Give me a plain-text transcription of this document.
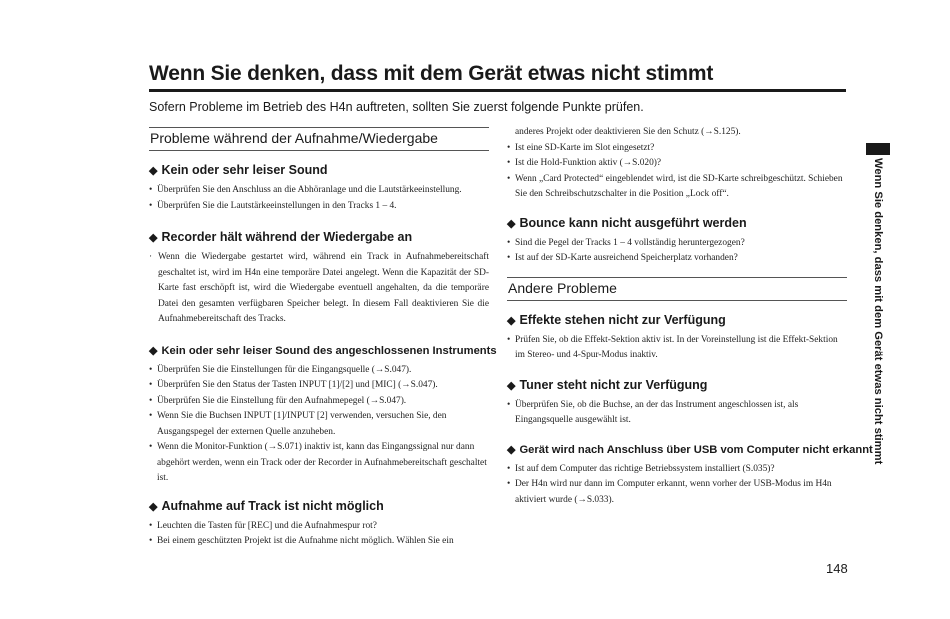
Wenn Sie denken, dass mit dem Gerät etwas nicht stimmt
Sofern Probleme im Betrieb des H4n auftreten, sollten Sie zuerst folgende Punkte prüfen.
Probleme während der Aufnahme/Wiedergabe
◆ Kein oder sehr leiser Sound
• Überprüfen Sie den Anschluss an die Abhöranlage und die Lautstärkeeinstellung.
• Überprüfen Sie die Lautstärkeeinstellungen in den Tracks 1 – 4.
◆ Recorder hält während der Wiedergabe an

· Wenn die Wiedergabe gestartet wird, während ein Track in Aufnahmebereitschaft geschaltet ist, wird im H4n eine temporäre Datei angelegt. Wenn die Kapazität der SD-Karte fast erschöpft ist, wird die Wiedergabe eventuell angehalten, da die temporäre Datei den gesamten verfügbaren Speicher belegt. In diesem Fall deaktivieren Sie die Aufnahmebereitschaft des Tracks.

◆ Kein oder sehr leiser Sound des angeschlossenen Instruments
• Überprüfen Sie die Einstellungen für die Eingangsquelle (→S.047).
• Überprüfen Sie den Status der Tasten INPUT [1]/[2] und [MIC] (→S.047).
• Überprüfen Sie die Einstellung für den Aufnahmepegel (→S.047).
• Wenn Sie die Buchsen INPUT [1]/INPUT [2] verwenden, versuchen Sie, den Ausgangspegel der externen Quelle anzuheben.
• Wenn die Monitor-Funktion (→S.071) inaktiv ist, kann das Eingangssignal nur dann abgehört werden, wenn ein Track oder der Recorder in Aufnahmebereitschaft geschaltet ist.
◆ Aufnahme auf Track ist nicht möglich
• Leuchten die Tasten für [REC] und die Aufnahmespur rot?
• Bei einem geschützten Projekt ist die Aufnahme nicht möglich. Wählen Sie ein

anderes Projekt oder deaktivieren Sie den Schutz (→S.125).

• Ist eine SD-Karte im Slot eingesetzt?
• Ist die Hold-Funktion aktiv (→S.020)?
• Wenn „Card Protected“ eingeblendet wird, ist die SD-Karte schreibgeschützt. Schieben Sie den Schreibschutzschalter in die Position „Lock off“.
◆ Bounce kann nicht ausgeführt werden
• Sind die Pegel der Tracks 1 – 4 vollständig heruntergezogen?
• Ist auf der SD-Karte ausreichend Speicherplatz vorhanden?
Andere Probleme
◆ Effekte stehen nicht zur Verfügung
• Prüfen Sie, ob die Effekt-Sektion aktiv ist. In der Voreinstellung ist die Effekt-Sektion im Stereo- und 4-Spur-Modus inaktiv.
◆ Tuner steht nicht zur Verfügung
• Überprüfen Sie, ob die Buchse, an der das Instrument angeschlossen ist, als Eingangsquelle ausgewählt ist.
◆ Gerät wird nach Anschluss über USB vom Computer nicht erkannt
• Ist auf dem Computer das richtige Betriebssystem installiert (S.035)?
• Der H4n wird nur dann im Computer erkannt, wenn vorher der USB-Modus im H4n aktiviert wurde (→S.033).
Wenn Sie denken, dass mit dem Gerät etwas nicht stimmt
148
